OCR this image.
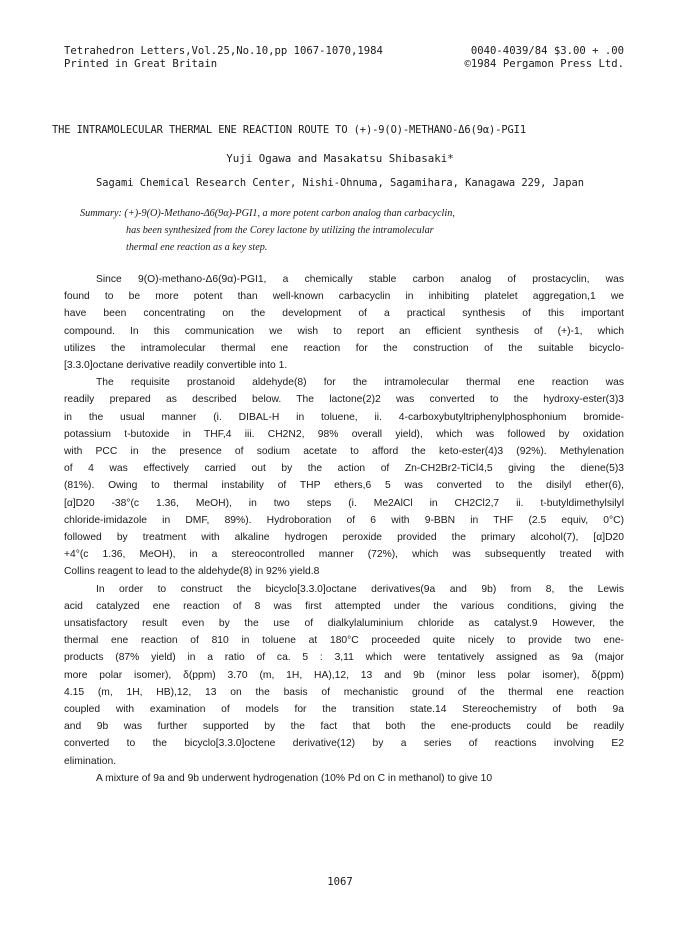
Tetrahedron Letters,Vol.25,No.10,pp 1067-1070,1984	0040-4039/84 $3.00 + .00
Printed in Great Britain	©1984 Pergamon Press Ltd.
THE INTRAMOLECULAR THERMAL ENE REACTION ROUTE TO (+)-9(O)-METHANO-Δ6(9α)-PGI1
Yuji Ogawa and Masakatsu Shibasaki*
Sagami Chemical Research Center, Nishi-Ohnuma, Sagamihara, Kanagawa 229, Japan
Summary: (+)-9(O)-Methano-Δ6(9α)-PGI1, a more potent carbon analog than carbacyclin,
has been synthesized from the Corey lactone by utilizing the intramolecular
thermal ene reaction as a key step.

Since 9(O)-methano-Δ6(9α)-PGI1, a chemically stable carbon analog of prostacyclin, was
found to be more potent than well-known carbacyclin in inhibiting platelet aggregation,1 we
have been concentrating on the development of a practical synthesis of this important
compound. In this communication we wish to report an efficient synthesis of (+)-1, which
utilizes the intramolecular thermal ene reaction for the construction of the suitable bicyclo-
[3.3.0]octane derivative readily convertible into 1.

The requisite prostanoid aldehyde(8) for the intramolecular thermal ene reaction was
readily prepared as described below. The lactone(2)2 was converted to the hydroxy-ester(3)3
in the usual manner (i. DIBAL-H in toluene, ii. 4-carboxybutyltriphenylphosphonium bromide-
potassium t-butoxide in THF,4 iii. CH2N2, 98% overall yield), which was followed by oxidation
with PCC in the presence of sodium acetate to afford the keto-ester(4)3 (92%). Methylenation
of 4 was effectively carried out by the action of Zn-CH2Br2-TiCl4,5 giving the diene(5)3
(81%). Owing to thermal instability of THP ethers,6 5 was converted to the disilyl ether(6),
[α]D20 -38°(c 1.36, MeOH), in two steps (i. Me2AlCl in CH2Cl2,7 ii. t-butyldimethylsilyl
chloride-imidazole in DMF, 89%). Hydroboration of 6 with 9-BBN in THF (2.5 equiv, 0°C)
followed by treatment with alkaline hydrogen peroxide provided the primary alcohol(7), [α]D20
+4°(c 1.36, MeOH), in a stereocontrolled manner (72%), which was subsequently treated with
Collins reagent to lead to the aldehyde(8) in 92% yield.8

In order to construct the bicyclo[3.3.0]octane derivatives(9a and 9b) from 8, the Lewis
acid catalyzed ene reaction of 8 was first attempted under the various conditions, giving the
unsatisfactory result even by the use of dialkylaluminium chloride as catalyst.9 However, the
thermal ene reaction of 810 in toluene at 180°C proceeded quite nicely to provide two ene-
products (87% yield) in a ratio of ca. 5 : 3,11 which were tentatively assigned as 9a (major
more polar isomer), δ(ppm) 3.70 (m, 1H, HA),12, 13 and 9b (minor less polar isomer), δ(ppm)
4.15 (m, 1H, HB),12, 13 on the basis of mechanistic ground of the thermal ene reaction
coupled with examination of models for the transition state.14 Stereochemistry of both 9a
and 9b was further supported by the fact that both the ene-products could be readily
converted to the bicyclo[3.3.0]octene derivative(12) by a series of reactions involving E2
elimination.

A mixture of 9a and 9b underwent hydrogenation (10% Pd on C in methanol) to give 10

1067
